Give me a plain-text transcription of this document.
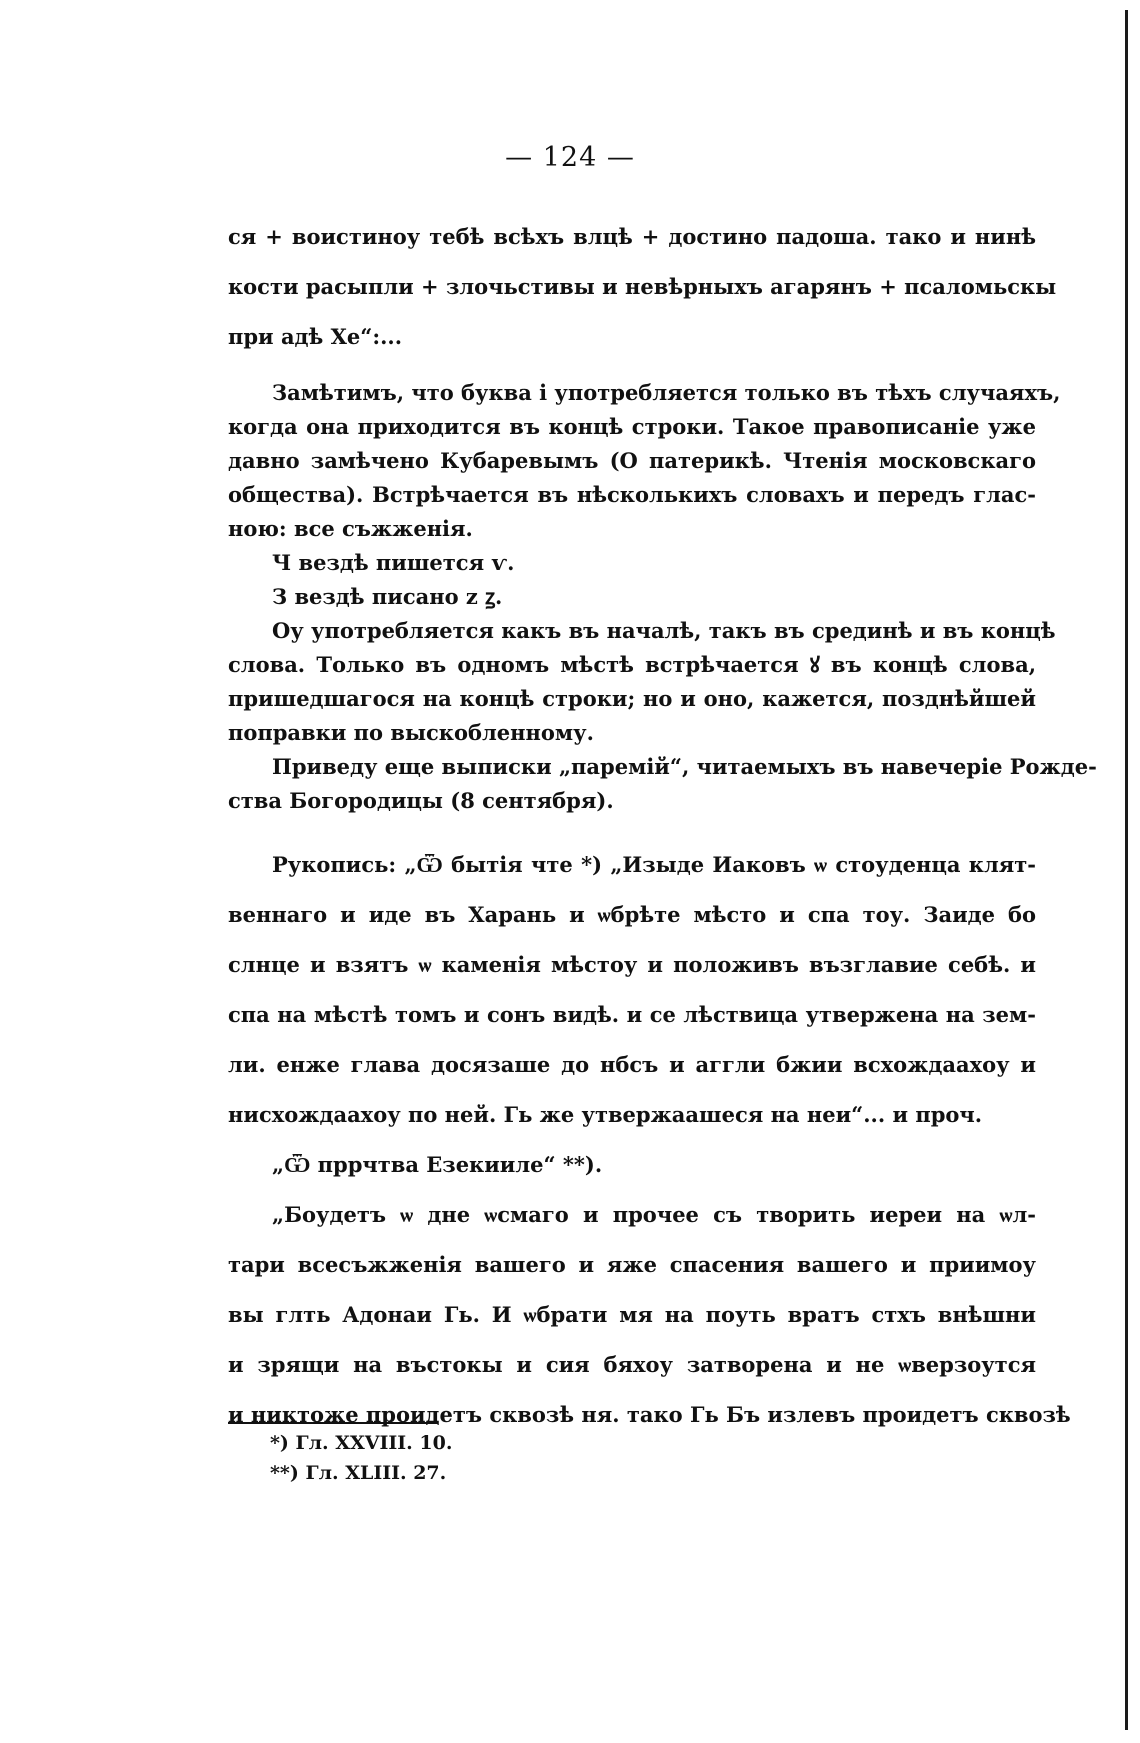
— 124 —
ся + воистиноу тебѣ всѣхъ влцѣ + достино падоша. тако и нинѣ
кости расыпли + злочьстивы и невѣрныхъ агарянъ + псаломьскы
при адѣ Хе“:...
Замѣтимъ, что буква і употребляется только въ тѣхъ случаяхъ,
когда она приходится въ концѣ строки. Такое правописаніе уже
давно замѣчено Кубаревымъ (О патерикѣ. Чтенія московскаго
общества). Встрѣчается въ нѣсколькихъ словахъ и передъ глас-
ною: все съжженія.
Ч вездѣ пишется ѵ.
З вездѣ писано z ꙁ.
Оу употребляется какъ въ началѣ, такъ въ срединѣ и въ концѣ
слова. Только въ одномъ мѣстѣ встрѣчается ꙋ въ концѣ слова,
пришедшагося на концѣ строки; но и оно, кажется, позднѣйшей
поправки по выскобленному.
Приведу еще выписки „паремій“, читаемыхъ въ навечеріе Рожде-
ства Богородицы (8 сентября).
Рукопись: „Ѿ бытія чте *) „Изыде Иаковъ ѡ стоуденца клят-
веннаго и иде въ Харань и ѡбрѣте мѣсто и спа тоу. Заиде бо
слнце и взятъ ѡ каменія мѣстоу и положивъ възглавие себѣ. и
спа на мѣстѣ томъ и сонъ видѣ. и се лѣствица утвержена на зем-
ли. енже глава досязаше до нбсъ и аггли бжии всхождаахоу и
нисхождаахоу по ней. Гь же утвержаашеся на неи“... и проч.
„Ѿ пррчтва Езекииле“ **).
„Боудетъ ѡ дне ѡсмаго и прочее съ творить иереи на ѡл-
тари всесъжженія вашего и яже спасения вашего и приимоу
вы глть Адонаи Гь. И ѡбрати мя на поуть вратъ стхъ внѣшни
и зрящи на въстокы и сия бяхоу затворена и не ѡверзоутся
и никтоже проидетъ сквозѣ ня. тако Гь Бъ излевъ проидетъ сквозѣ
*) Гл. XXVIII. 10.
**) Гл. XLIII. 27.
